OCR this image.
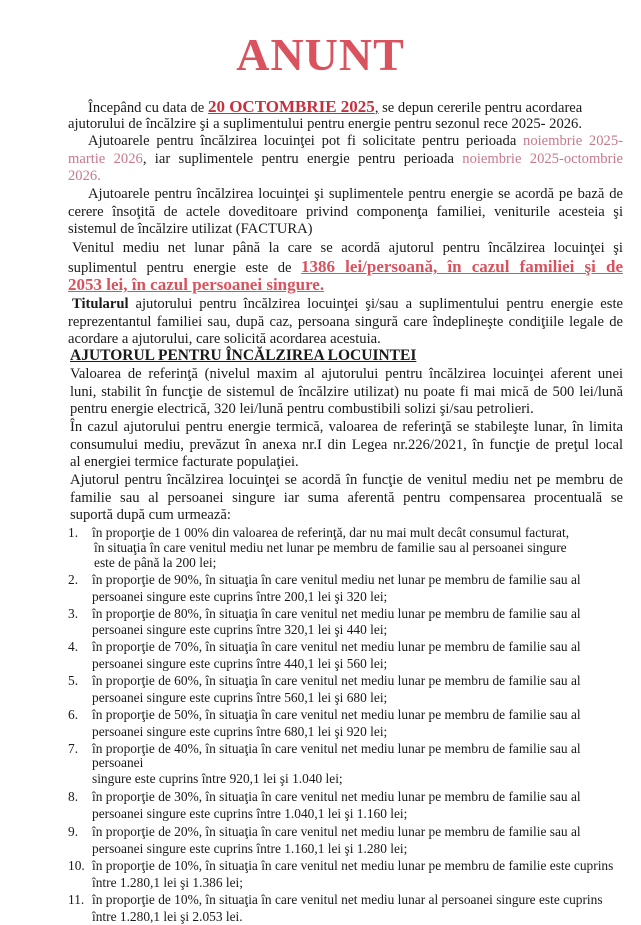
ANUNT
Începând cu data de 20 OCTOMBRIE 2025, se depun cererile pentru acordarea
ajutorului de încălzire şi a suplimentului pentru energie pentru sezonul rece 2025- 2026.
Ajutoarele pentru încălzirea locuinţei pot fi solicitate pentru perioada noiembrie 2025-
martie 2026, iar suplimentele pentru energie pentru perioada noiembrie 2025-octombrie
2026.
Ajutoarele pentru încălzirea locuinţei şi suplimentele pentru energie se acordă pe bază de
cerere însoţită de actele doveditoare privind componenţa familiei, veniturile acesteia şi
sistemul de încălzire utilizat (FACTURA)
Venitul mediu net lunar până la care se acordă ajutorul pentru încălzirea locuinţei şi
suplimentul pentru energie este de 1386 lei/persoană, în cazul familiei şi de
2053 lei, în cazul persoanei singure.
Titularul ajutorului pentru încălzirea locuinţei şi/sau a suplimentului pentru energie este
reprezentantul familiei sau, după caz, persoana singură care îndeplineşte condiţiile legale de
acordare a ajutorului, care solicită acordarea acestuia.
AJUTORUL PENTRU ÎNCĂLZIREA LOCUINTEI
Valoarea de referinţă (nivelul maxim al ajutorului pentru încălzirea locuinţei aferent unei
luni, stabilit în funcţie de sistemul de încălzire utilizat) nu poate fi mai mică de 500 lei/lună
pentru energie electrică, 320 lei/lună pentru combustibili solizi şi/sau petrolieri.
În cazul ajutorului pentru energie termică, valoarea de referinţă se stabileşte lunar, în limita
consumului mediu, prevăzut în anexa nr.I din Legea nr.226/2021, în funcţie de preţul local
al energiei termice facturate populaţiei.
Ajutorul pentru încălzirea locuinţei se acordă în funcţie de venitul mediu net pe membru de
familie sau al persoanei singure iar suma aferentă pentru compensarea procentuală se
suportă după cum urmează:
1. în proporţie de 1 00% din valoarea de referinţă, dar nu mai mult decât consumul facturat,
în situaţia în care venitul mediu net lunar pe membru de familie sau al persoanei singure
este de până la 200 lei;
2. în proporţie de 90%, în situaţia în care venitul mediu net lunar pe membru de familie sau al
persoanei singure este cuprins între 200,1 lei şi 320 lei;
3. în proporţie de 80%, în situaţia în care venitul net mediu lunar pe membru de familie sau al
persoanei singure este cuprins între 320,1 lei şi 440 lei;
4. în proporţie de 70%, în situaţia în care venitul net mediu lunar pe membru de familie sau al
persoanei singure este cuprins între 440,1 lei şi 560 lei;
5. în proporţie de 60%, în situaţia în care venitul net mediu lunar pe membru de familie sau al
persoanei singure este cuprins între 560,1 lei şi 680 lei;
6. în proporţie de 50%, în situaţia în care venitul net mediu lunar pe membru de familie sau al
persoanei singure este cuprins între 680,1 lei şi 920 lei;
7. în proporţie de 40%, în situaţia în care venitul net mediu lunar pe membru de familie sau al
persoanei
singure este cuprins între 920,1 lei şi 1.040 lei;
8. în proporţie de 30%, în situaţia în care venitul net mediu lunar pe membru de familie sau al
persoanei singure este cuprins între 1.040,1 lei şi 1.160 lei;
9. în proporţie de 20%, în situaţia în care venitul net mediu lunar pe membru de familie sau al
persoanei singure este cuprins între 1.160,1 lei şi 1.280 lei;
10. în proporţie de 10%, în situaţia în care venitul net mediu lunar pe membru de familie este cuprins
între 1.280,1 lei şi 1.386 lei;
11. în proporţie de 10%, în situaţia în care venitul net mediu lunar al persoanei singure este cuprins
între 1.280,1 lei şi 2.053 lei.
